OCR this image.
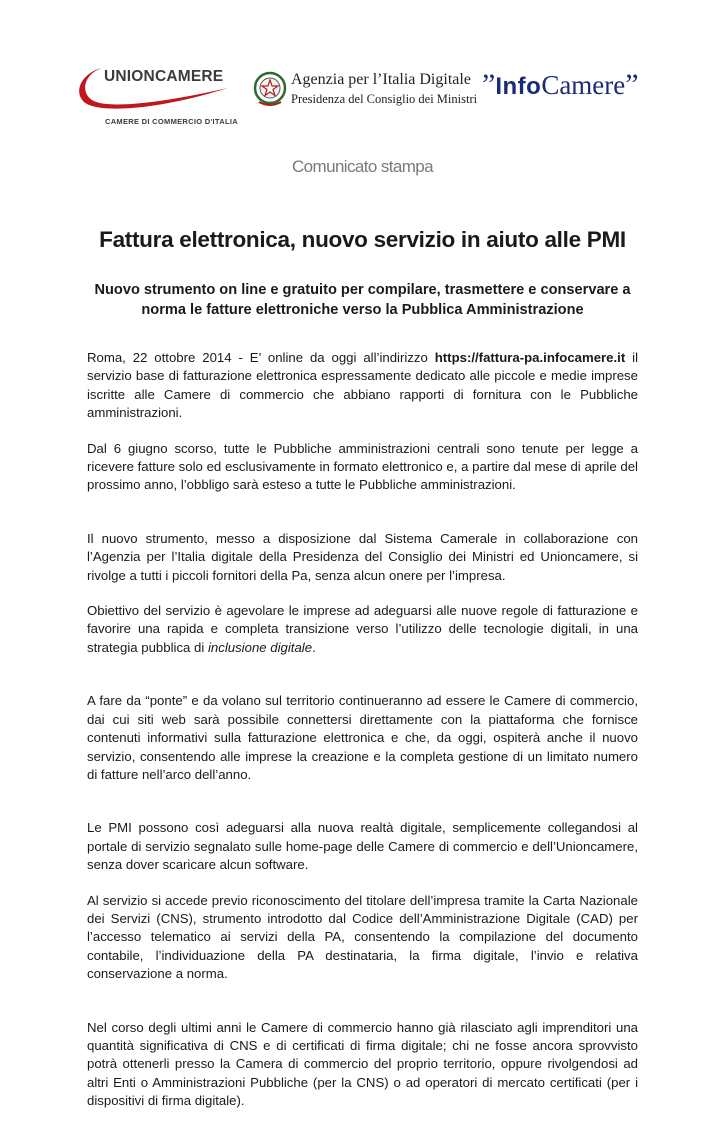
UNIONCAMERE
CAMERE DI COMMERCIO D'ITALIA
Agenzia per l’Italia Digitale
Presidenza del Consiglio dei Ministri ”InfoCamere”
Comunicato stampa
Fattura elettronica, nuovo servizio in aiuto alle PMI
Nuovo strumento on line e gratuito per compilare, trasmettere e conservare a norma le fatture elettroniche verso la Pubblica Amministrazione

Roma, 22 ottobre 2014 - E’ online da oggi all’indirizzo https://fattura-pa.infocamere.it il servizio base di fatturazione elettronica espressamente dedicato alle piccole e medie imprese iscritte alle Camere di commercio che abbiano rapporti di fornitura con le Pubbliche amministrazioni.

Dal 6 giugno scorso, tutte le Pubbliche amministrazioni centrali sono tenute per legge a ricevere fatture solo ed esclusivamente in formato elettronico e, a partire dal mese di aprile del prossimo anno, l’obbligo sarà esteso a tutte le Pubbliche amministrazioni.

Il nuovo strumento, messo a disposizione dal Sistema Camerale in collaborazione con l’Agenzia per l’Italia digitale della Presidenza del Consiglio dei Ministri ed Unioncamere, si rivolge a tutti i piccoli fornitori della Pa, senza alcun onere per l’impresa.

Obiettivo del servizio è agevolare le imprese ad adeguarsi alle nuove regole di fatturazione e favorire una rapida e completa transizione verso l’utilizzo delle tecnologie digitali, in una strategia pubblica di inclusione digitale.

A fare da “ponte” e da volano sul territorio continueranno ad essere le Camere di commercio, dai cui siti web sarà possibile connettersi direttamente con la piattaforma che fornisce contenuti informativi sulla fatturazione elettronica e che, da oggi, ospiterà anche il nuovo servizio, consentendo alle imprese la creazione e la completa gestione di un limitato numero di fatture nell’arco dell’anno.

Le PMI possono così adeguarsi alla nuova realtà digitale, semplicemente collegandosi al portale di servizio segnalato sulle home-page delle Camere di commercio e dell’Unioncamere, senza dover scaricare alcun software.

Al servizio si accede previo riconoscimento del titolare dell’impresa tramite la Carta Nazionale dei Servizi (CNS), strumento introdotto dal Codice dell’Amministrazione Digitale (CAD) per l’accesso telematico ai servizi della PA, consentendo la compilazione del documento contabile, l’individuazione della PA destinataria, la firma digitale, l’invio e relativa conservazione a norma.

Nel corso degli ultimi anni le Camere di commercio hanno già rilasciato agli imprenditori una quantità significativa di CNS e di certificati di firma digitale; chi ne fosse ancora sprovvisto potrà ottenerli presso la Camera di commercio del proprio territorio, oppure rivolgendosi ad altri Enti o Amministrazioni Pubbliche (per la CNS) o ad operatori di mercato certificati (per i dispositivi di firma digitale).
